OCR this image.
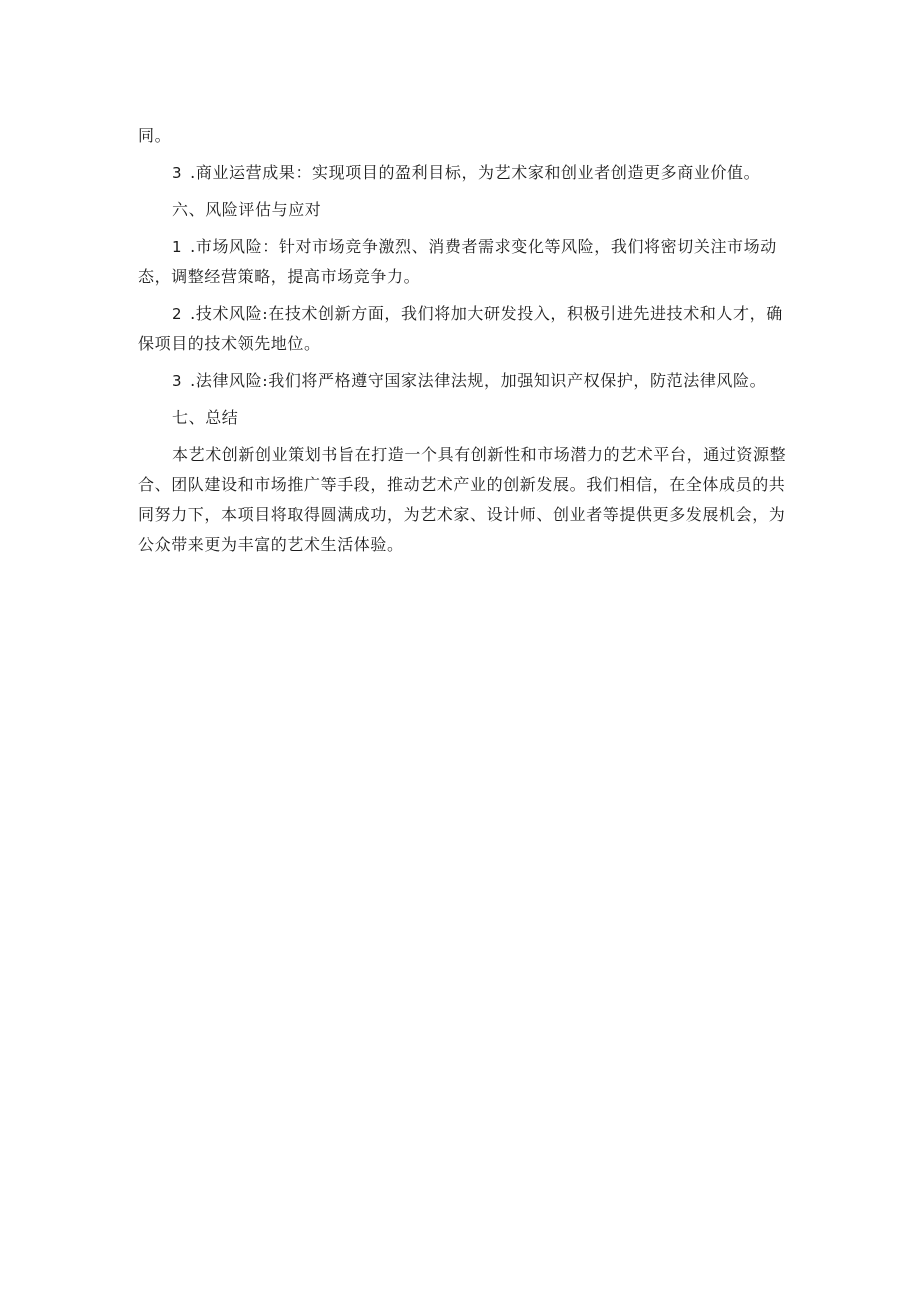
同。

3 .商业运营成果：实现项目的盈利目标，为艺术家和创业者创造更多商业价值。

六、风险评估与应对

1 .市场风险：针对市场竞争激烈、消费者需求变化等风险，我们将密切关注市场动态，调整经营策略，提高市场竞争力。

2 .技术风险:在技术创新方面，我们将加大研发投入，积极引进先进技术和人才，确保项目的技术领先地位。

3 .法律风险:我们将严格遵守国家法律法规，加强知识产权保护，防范法律风险。

七、总结

本艺术创新创业策划书旨在打造一个具有创新性和市场潜力的艺术平台，通过资源整合、团队建设和市场推广等手段，推动艺术产业的创新发展。我们相信，在全体成员的共同努力下，本项目将取得圆满成功，为艺术家、设计师、创业者等提供更多发展机会，为公众带来更为丰富的艺术生活体验。
